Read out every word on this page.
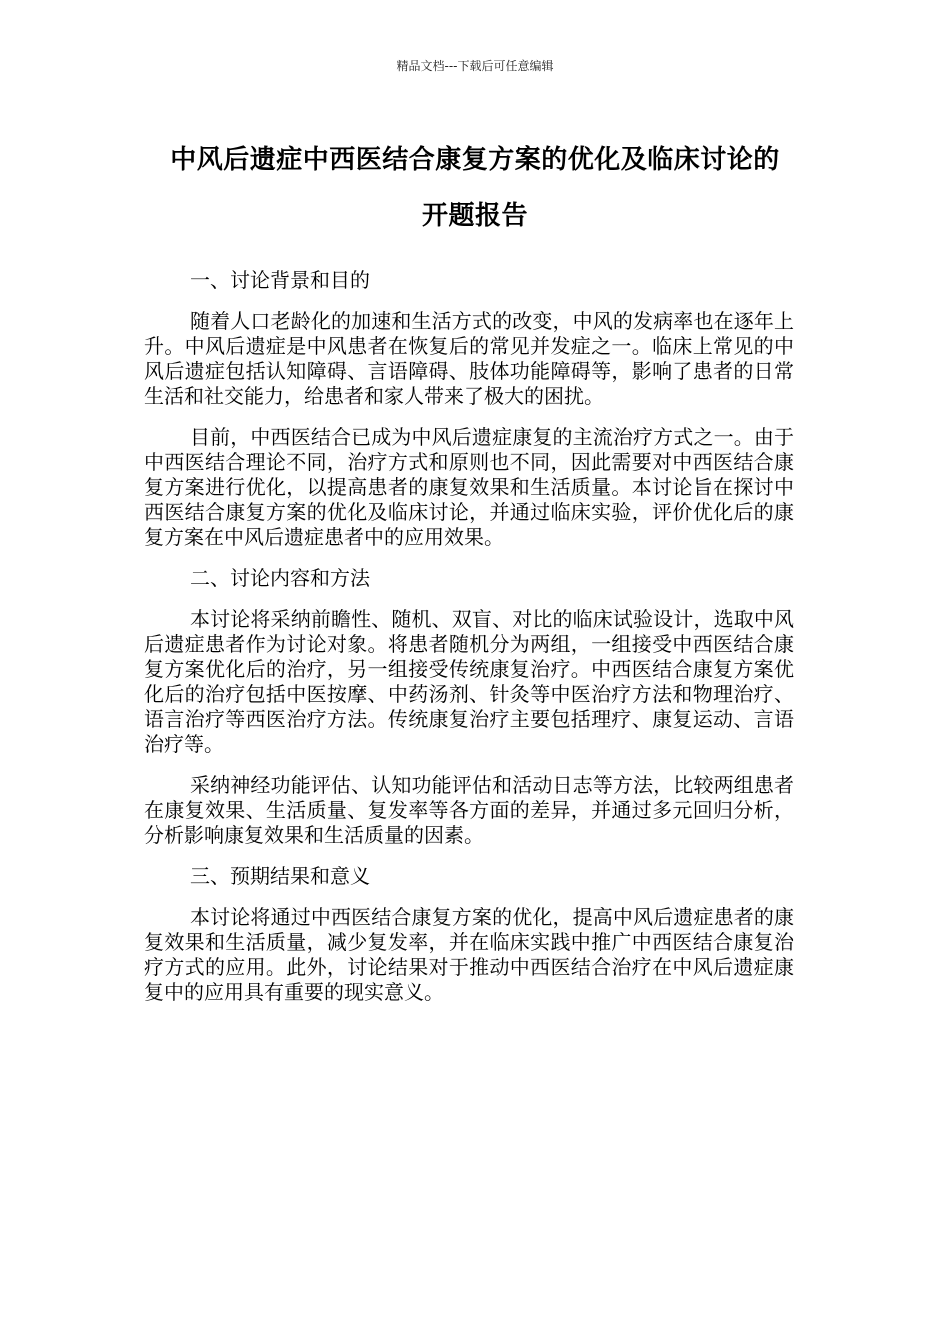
精品文档---下载后可任意编辑
中风后遗症中西医结合康复方案的优化及临床讨论的
开题报告

一、讨论背景和目的

随着人口老龄化的加速和生活方式的改变，中风的发病率也在逐年上升。中风后遗症是中风患者在恢复后的常见并发症之一。临床上常见的中风后遗症包括认知障碍、言语障碍、肢体功能障碍等，影响了患者的日常生活和社交能力，给患者和家人带来了极大的困扰。

目前，中西医结合已成为中风后遗症康复的主流治疗方式之一。由于中西医结合理论不同，治疗方式和原则也不同，因此需要对中西医结合康复方案进行优化，以提高患者的康复效果和生活质量。本讨论旨在探讨中西医结合康复方案的优化及临床讨论，并通过临床实验，评价优化后的康复方案在中风后遗症患者中的应用效果。

二、讨论内容和方法

本讨论将采纳前瞻性、随机、双盲、对比的临床试验设计，选取中风后遗症患者作为讨论对象。将患者随机分为两组，一组接受中西医结合康复方案优化后的治疗，另一组接受传统康复治疗。中西医结合康复方案优化后的治疗包括中医按摩、中药汤剂、针灸等中医治疗方法和物理治疗、语言治疗等西医治疗方法。传统康复治疗主要包括理疗、康复运动、言语治疗等。

采纳神经功能评估、认知功能评估和活动日志等方法，比较两组患者在康复效果、生活质量、复发率等各方面的差异，并通过多元回归分析，分析影响康复效果和生活质量的因素。

三、预期结果和意义

本讨论将通过中西医结合康复方案的优化，提高中风后遗症患者的康复效果和生活质量，减少复发率，并在临床实践中推广中西医结合康复治疗方式的应用。此外，讨论结果对于推动中西医结合治疗在中风后遗症康复中的应用具有重要的现实意义。
